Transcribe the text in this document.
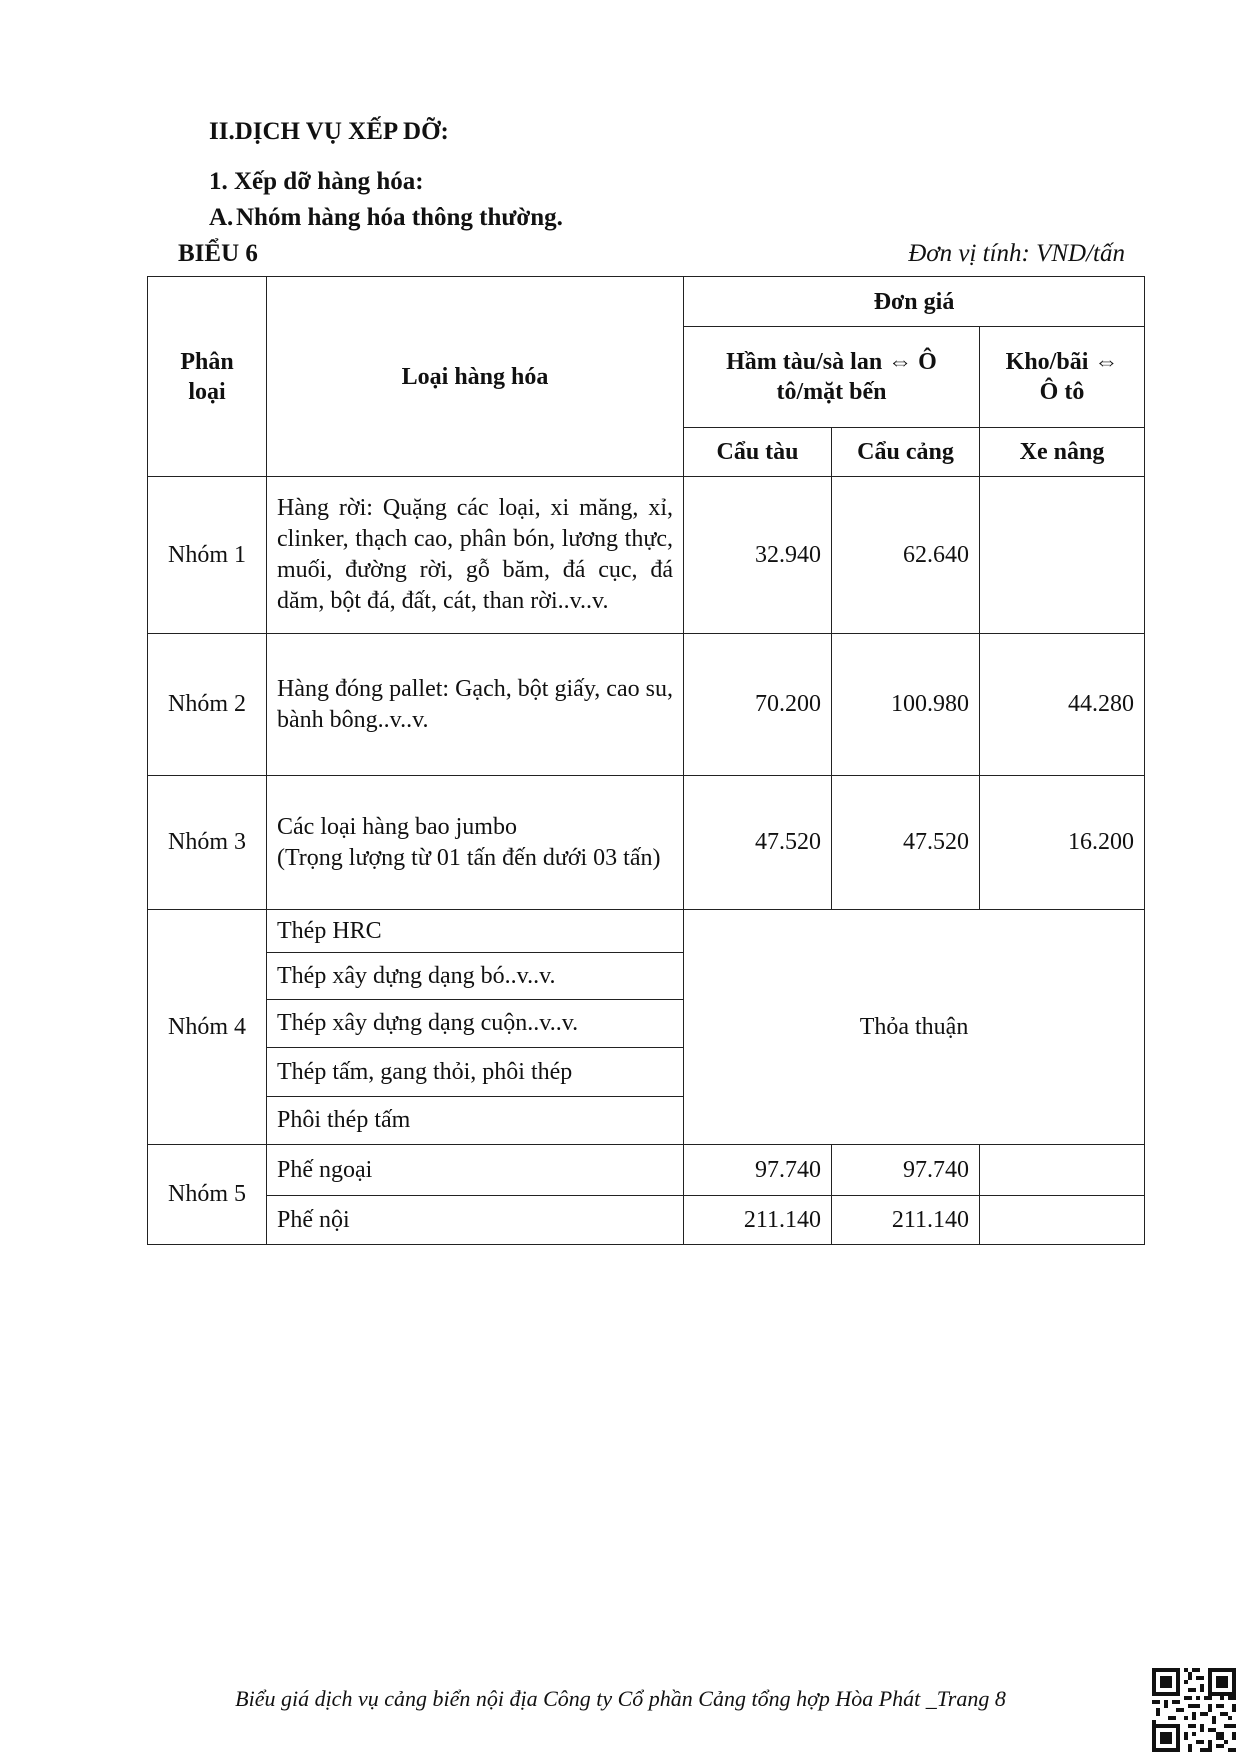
II.DỊCH VỤ XẾP DỠ:
1. Xếp dỡ hàng hóa:
A. Nhóm hàng hóa thông thường.
BIỂU 6	Đơn vị tính: VND/tấn
Phân loại	Loại hàng hóa	Đơn giá		
		Hầm tàu/sà lan ⇔ Ô tô/mặt bến		Kho/bãi ⇔ Ô tô
		Cẩu tàu	Cẩu cảng	Xe nâng
Nhóm 1	Hàng rời: Quặng các loại, xi măng, xỉ, clinker, thạch cao, phân bón, lương thực, muối, đường rời, gỗ băm, đá cục, đá dăm, bột đá, đất, cát, than rời..v..v.	32.940	62.640	
Nhóm 2	Hàng đóng pallet: Gạch, bột giấy, cao su, bành bông..v..v.	70.200	100.980	44.280
Nhóm 3	Các loại hàng bao jumbo
(Trọng lượng từ 01 tấn đến dưới 03 tấn)	47.520	47.520	16.200
Nhóm 4	Thép HRC	Thỏa thuận		
	Thép xây dựng dạng bó..v..v.			
	Thép xây dựng dạng cuộn..v..v.			
	Thép tấm, gang thỏi, phôi thép			
	Phôi thép tấm			
Nhóm 5	Phế ngoại	97.740	97.740	
	Phế nội	211.140	211.140	
Biểu giá dịch vụ cảng biển nội địa Công ty Cổ phần Cảng tổng hợp Hòa Phát _Trang 8
